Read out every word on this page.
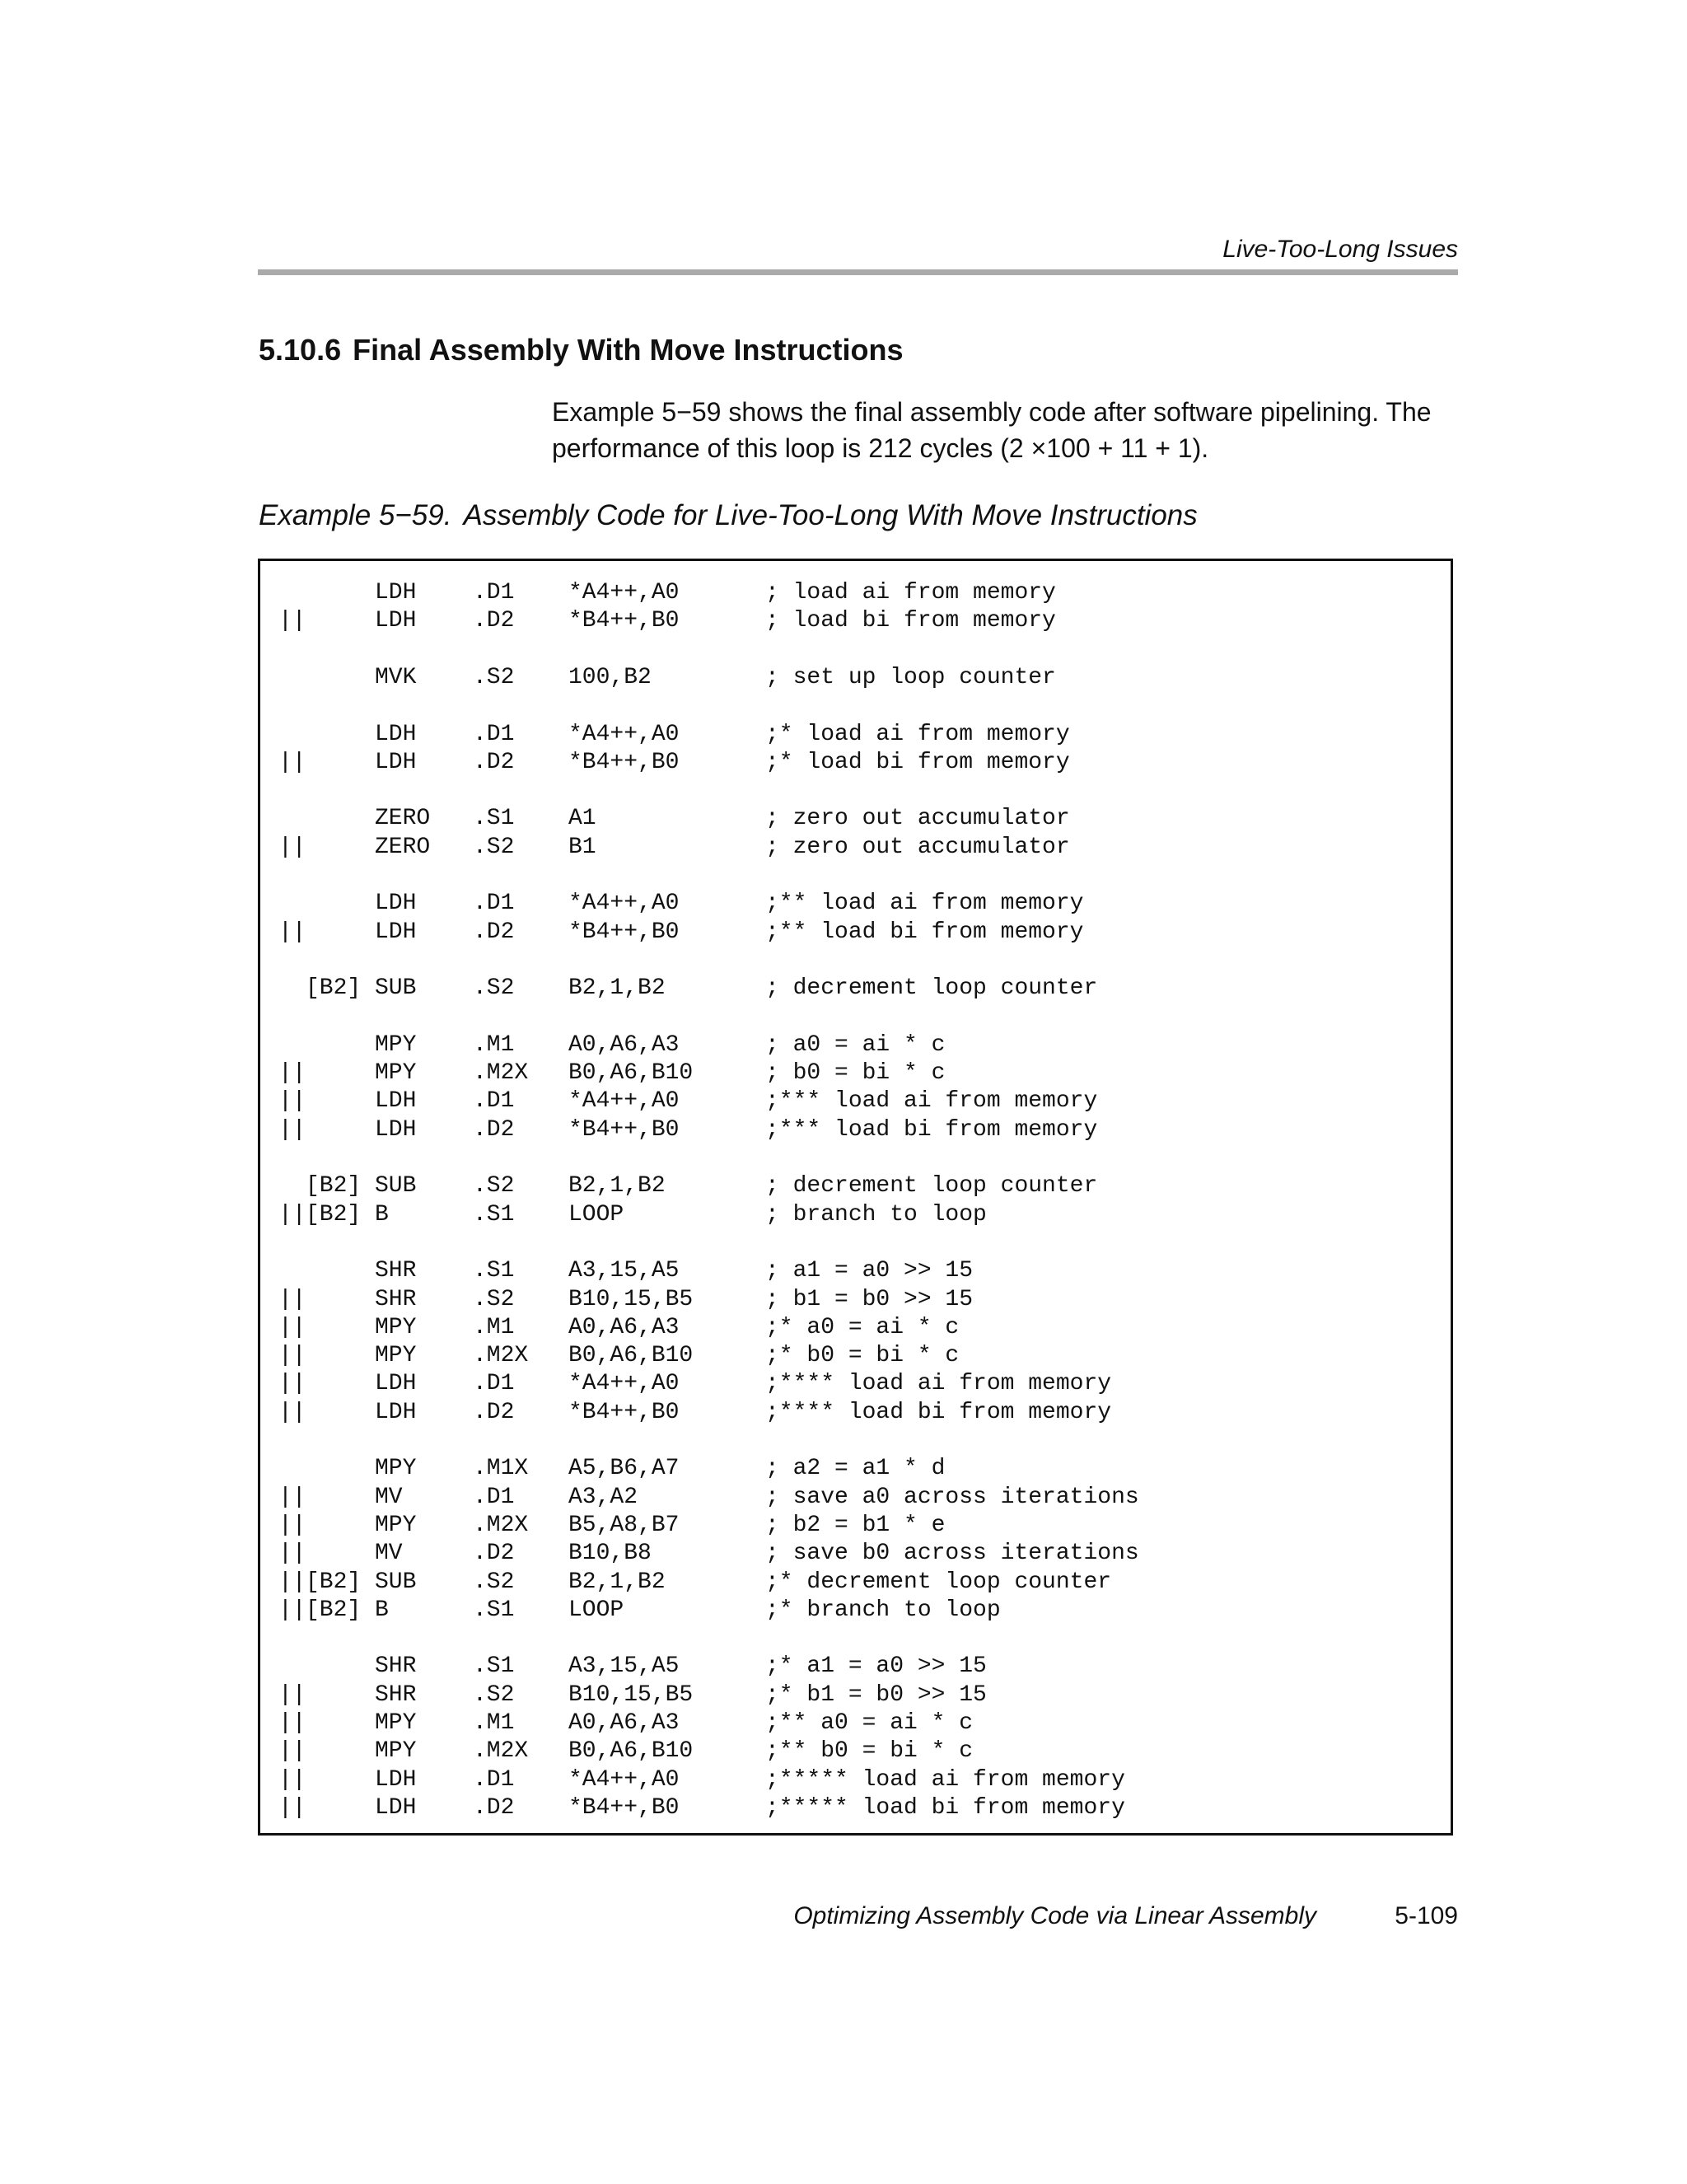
Live-Too-Long Issues
5.10.6 Final Assembly With Move Instructions
Example 5−59 shows the final assembly code after software pipelining. The
performance of this loop is 212 cycles (2 ×100 + 11 + 1).
Example 5−59. Assembly Code for Live-Too-Long With Move Instructions
LDH .D1 *A4++,A0	; load ai from memory
||	LDH .D2 *B4++,B0	; load bi from memory
MVK .S2 100,B2	; set up loop counter
LDH .D1 *A4++,A0	;* load ai from memory
||	LDH .D2 *B4++,B0	;* load bi from memory
ZERO .S1 A1	; zero out accumulator
||	ZERO .S2 B1	; zero out accumulator
LDH .D1 *A4++,A0	;** load ai from memory
||	LDH .D2 *B4++,B0	;** load bi from memory
[B2] SUB .S2 B2,1,B2	; decrement loop counter
MPY .M1 A0,A6,A3	; a0 = ai * c
||	MPY .M2X B0,A6,B10	; b0 = bi * c
||	LDH .D1 *A4++,A0	;*** load ai from memory
||	LDH .D2 *B4++,B0	;*** load bi from memory
[B2] SUB .S2 B2,1,B2	; decrement loop counter
|| [B2] B	.S1 LOOP	; branch to loop
SHR .S1 A3,15,A5	; a1 = a0 >> 15
||	SHR .S2 B10,15,B5	; b1 = b0 >> 15
||	MPY .M1 A0,A6,A3	;* a0 = ai * c
||	MPY .M2X B0,A6,B10	;* b0 = bi * c
||	LDH .D1 *A4++,A0	;**** load ai from memory
||	LDH .D2 *B4++,B0	;**** load bi from memory
MPY .M1X A5,B6,A7	; a2 = a1 * d
||	MV	.D1 A3,A2	; save a0 across iterations
||	MPY .M2X B5,A8,B7	; b2 = b1 * e
||	MV	.D2 B10,B8	; save b0 across iterations
|| [B2] SUB .S2 B2,1,B2	;* decrement loop counter
|| [B2] B	.S1 LOOP	;* branch to loop
SHR .S1 A3,15,A5	;* a1 = a0 >> 15
||	SHR .S2 B10,15,B5	;* b1 = b0 >> 15
||	MPY .M1 A0,A6,A3	;** a0 = ai * c
||	MPY .M2X B0,A6,B10	;** b0 = bi * c
||	LDH .D1 *A4++,A0	;***** load ai from memory
||	LDH .D2 *B4++,B0	;***** load bi from memory
Optimizing Assembly Code via Linear Assembly	5-109
